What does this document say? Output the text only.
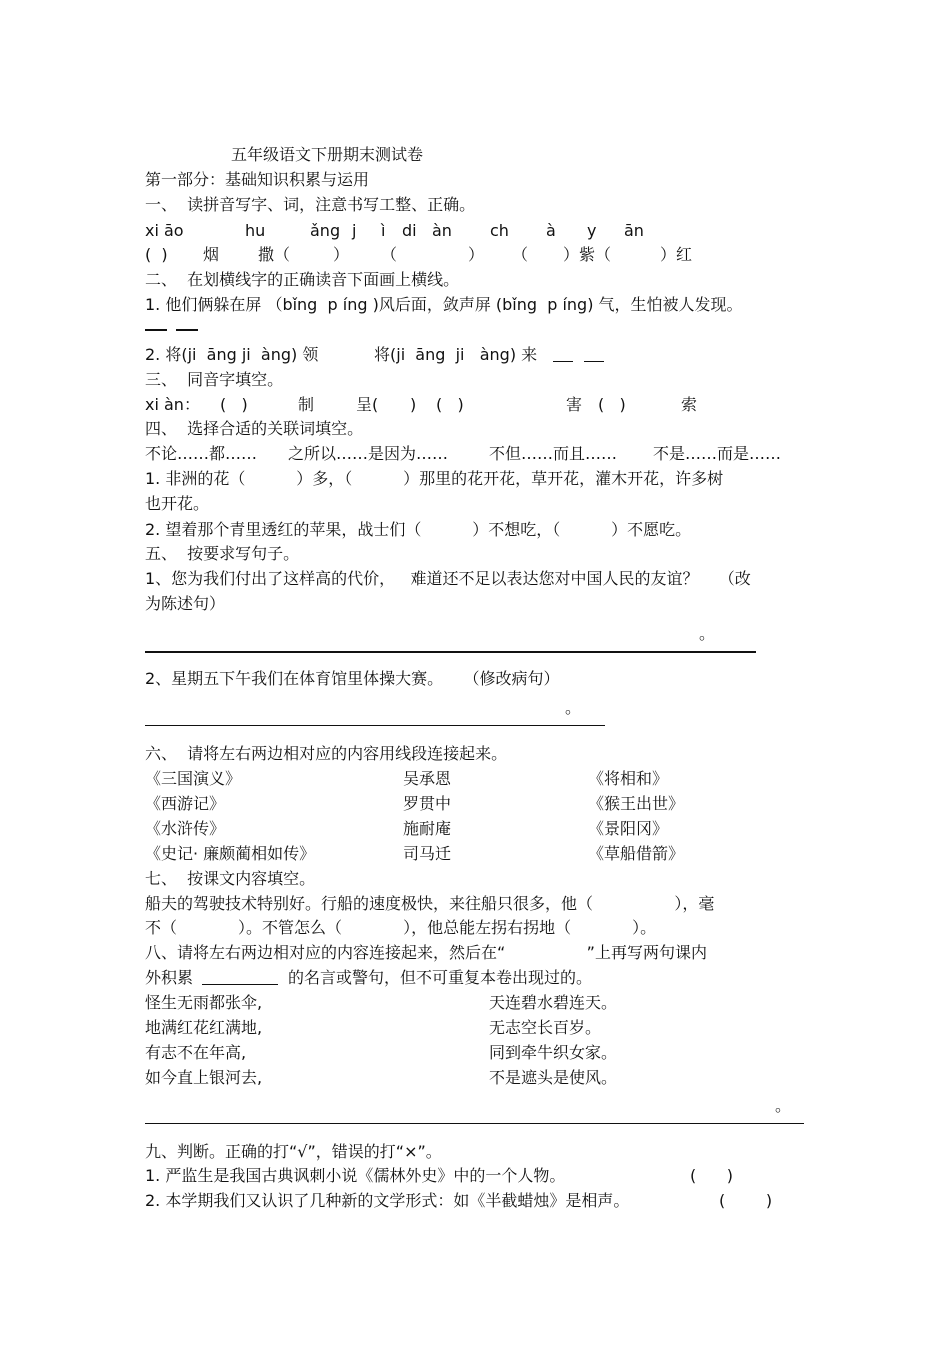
五年级语文下册期末测试卷
第一部分：基础知识积累与运用
一、  读拼音写字、词，注意书写工整、正确。
xi āo	hu	ǎng j ì di àn ch à y ān
(  ) 烟 撒（	） （	） （ ）紫（	）红
二、  在划横线字的正确读音下面画上横线。
1. 他们俩躲在屏 （bǐng  p íng )风后面，敛声屏 (bǐng  p íng) 气，生怕被人发现。
2. 将(ji  āng ji  àng) 领	将(ji  āng  ji   àng) 来
三、  同音字填空。
xi àn： (   )	制	呈( ) (   )	害 (   )	索
四、  选择合适的关联词填空。
不论……都…… 之所以……是因为……	不但……而且…… 不是……而是……
1. 非洲的花（          ）多，（          ）那里的花开花，草开花，灌木开花，许多树
也开花。
2. 望着那个青里透红的苹果，战士们（          ）不想吃，（          ）不愿吃。
五、  按要求写句子。
1、您为我们付出了这样高的代价，   难道还不足以表达您对中国人民的友谊？    （改
为陈述句）
。
2、星期五下午我们在体育馆里体操大赛。    （修改病句）
。
六、  请将左右两边相对应的内容用线段连接起来。
《三国演义》	吴承恩	《将相和》
《西游记》	罗贯中	《猴王出世》
《水浒传》	施耐庵	《景阳冈》
《史记· 廉颇蔺相如传》	司马迁	《草船借箭》
七、  按课文内容填空。
船夫的驾驶技术特别好。行船的速度极快，来往船只很多，他（                ），毫
不（            ）。不管怎么（            ），他总能左拐右拐地（            ）。
八、请将左右两边相对应的内容连接起来，然后在“                ”上再写两句课内
外积累	的名言或警句，但不可重复本卷出现过的。
怪生无雨都张伞,	天连碧水碧连天。
地满红花红满地,	无志空长百岁。
有志不在年高,	同到牵牛织女家。
如今直上银河去,	不是遮头是使风。
。
九、判断。正确的打“√”，错误的打“×”。
1. 严监生是我国古典讽刺小说《儒林外史》中的一个人物。	(      )
2. 本学期我们又认识了几种新的文学形式：如《半截蜡烛》是相声。	(        )
